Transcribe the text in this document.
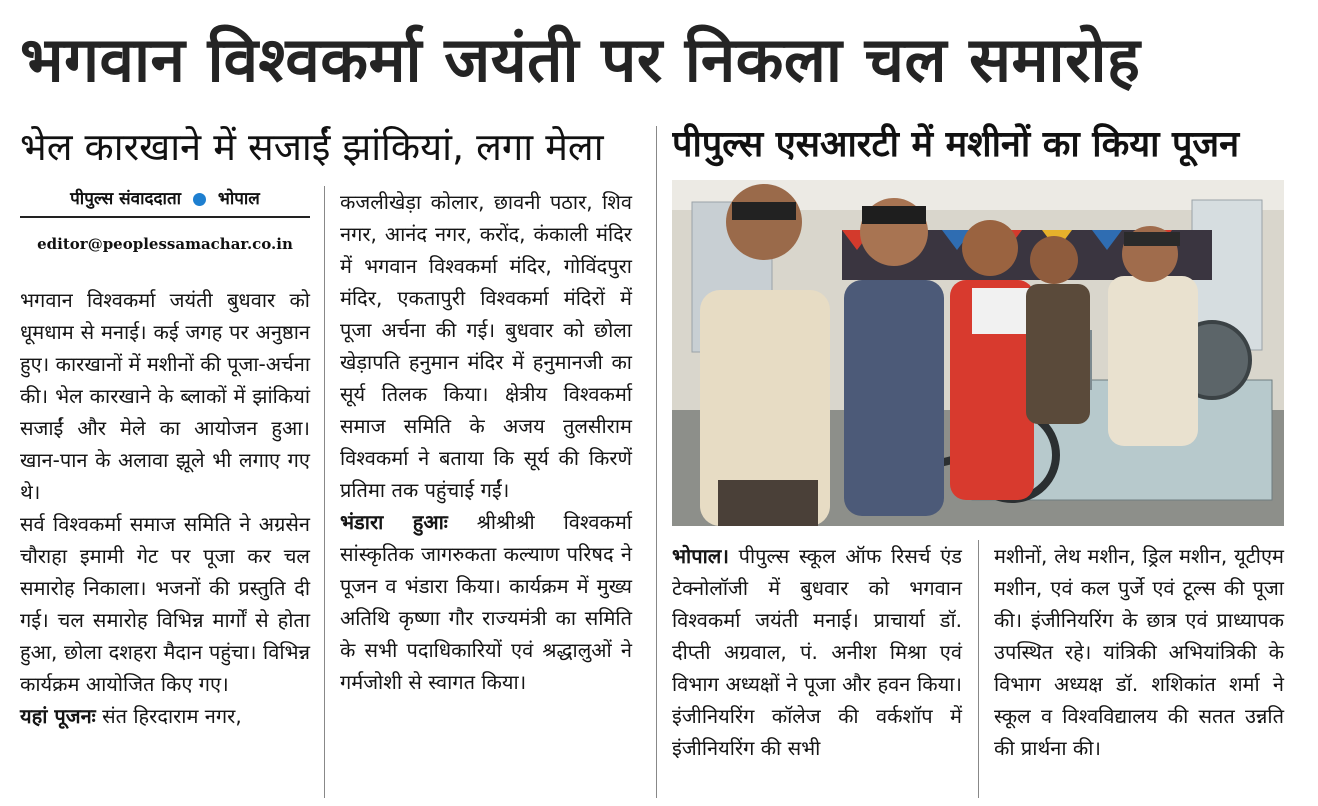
भगवान विश्वकर्मा जयंती पर निकला चल समारोह
भेल कारखाने में सजाईं झांकियां, लगा मेला	पीपुल्स एसआरटी में मशीनों का किया पूजन
पीपुल्स संवाददाता भोपाल
editor@peoplessamachar.co.in

भगवान विश्वकर्मा जयंती बुधवार को धूमधाम से मनाई। कई जगह पर अनुष्ठान हुए। कारखानों में मशीनों की पूजा-अर्चना की। भेल कारखाने के ब्लाकों में झांकियां सजाईं और मेले का आयोजन हुआ। खान-पान के अलावा झूले भी लगाए गए थे।

सर्व विश्वकर्मा समाज समिति ने अग्रसेन चौराहा इमामी गेट पर पूजा कर चल समारोह निकाला। भजनों की प्रस्तुति दी गई। चल समारोह विभिन्न मार्गों से होता हुआ, छोला दशहरा मैदान पहुंचा। विभिन्न कार्यक्रम आयोजित किए गए।

यहां पूजनः संत हिरदाराम नगर,

कजलीखेड़ा कोलार, छावनी पठार, शिव नगर, आनंद नगर, करोंद, कंकाली मंदिर में भगवान विश्वकर्मा मंदिर, गोविंदपुरा मंदिर, एकतापुरी विश्वकर्मा मंदिरों में पूजा अर्चना की गई। बुधवार को छोला खेड़ापति हनुमान मंदिर में हनुमानजी का सूर्य तिलक किया। क्षेत्रीय विश्वकर्मा समाज समिति के अजय तुलसीराम विश्वकर्मा ने बताया कि सूर्य की किरणें प्रतिमा तक पहुंचाई गईं।

भंडारा हुआः श्रीश्रीश्री विश्वकर्मा सांस्कृतिक जागरुकता कल्याण परिषद ने पूजन व भंडारा किया। कार्यक्रम में मुख्य अतिथि कृष्णा गौर राज्यमंत्री का समिति के सभी पदाधिकारियों एवं श्रद्धालुओं ने गर्मजोशी से स्वागत किया।

भोपाल। पीपुल्स स्कूल ऑफ रिसर्च एंड टेक्नोलॉजी में बुधवार को भगवान विश्वकर्मा जयंती मनाई। प्राचार्या डॉ. दीप्ती अग्रवाल, पं. अनीश मिश्रा एवं विभाग अध्यक्षों ने पूजा और हवन किया। इंजीनियरिंग कॉलेज की वर्कशॉप में इंजीनियरिंग की सभी

मशीनों, लेथ मशीन, ड्रिल मशीन, यूटीएम मशीन, एवं कल पुर्जे एवं टूल्स की पूजा की। इंजीनियरिंग के छात्र एवं प्राध्यापक उपस्थित रहे। यांत्रिकी अभियांत्रिकी के विभाग अध्यक्ष डॉ. शशिकांत शर्मा ने स्कूल व विश्वविद्यालय की सतत उन्नति की प्रार्थना की।
